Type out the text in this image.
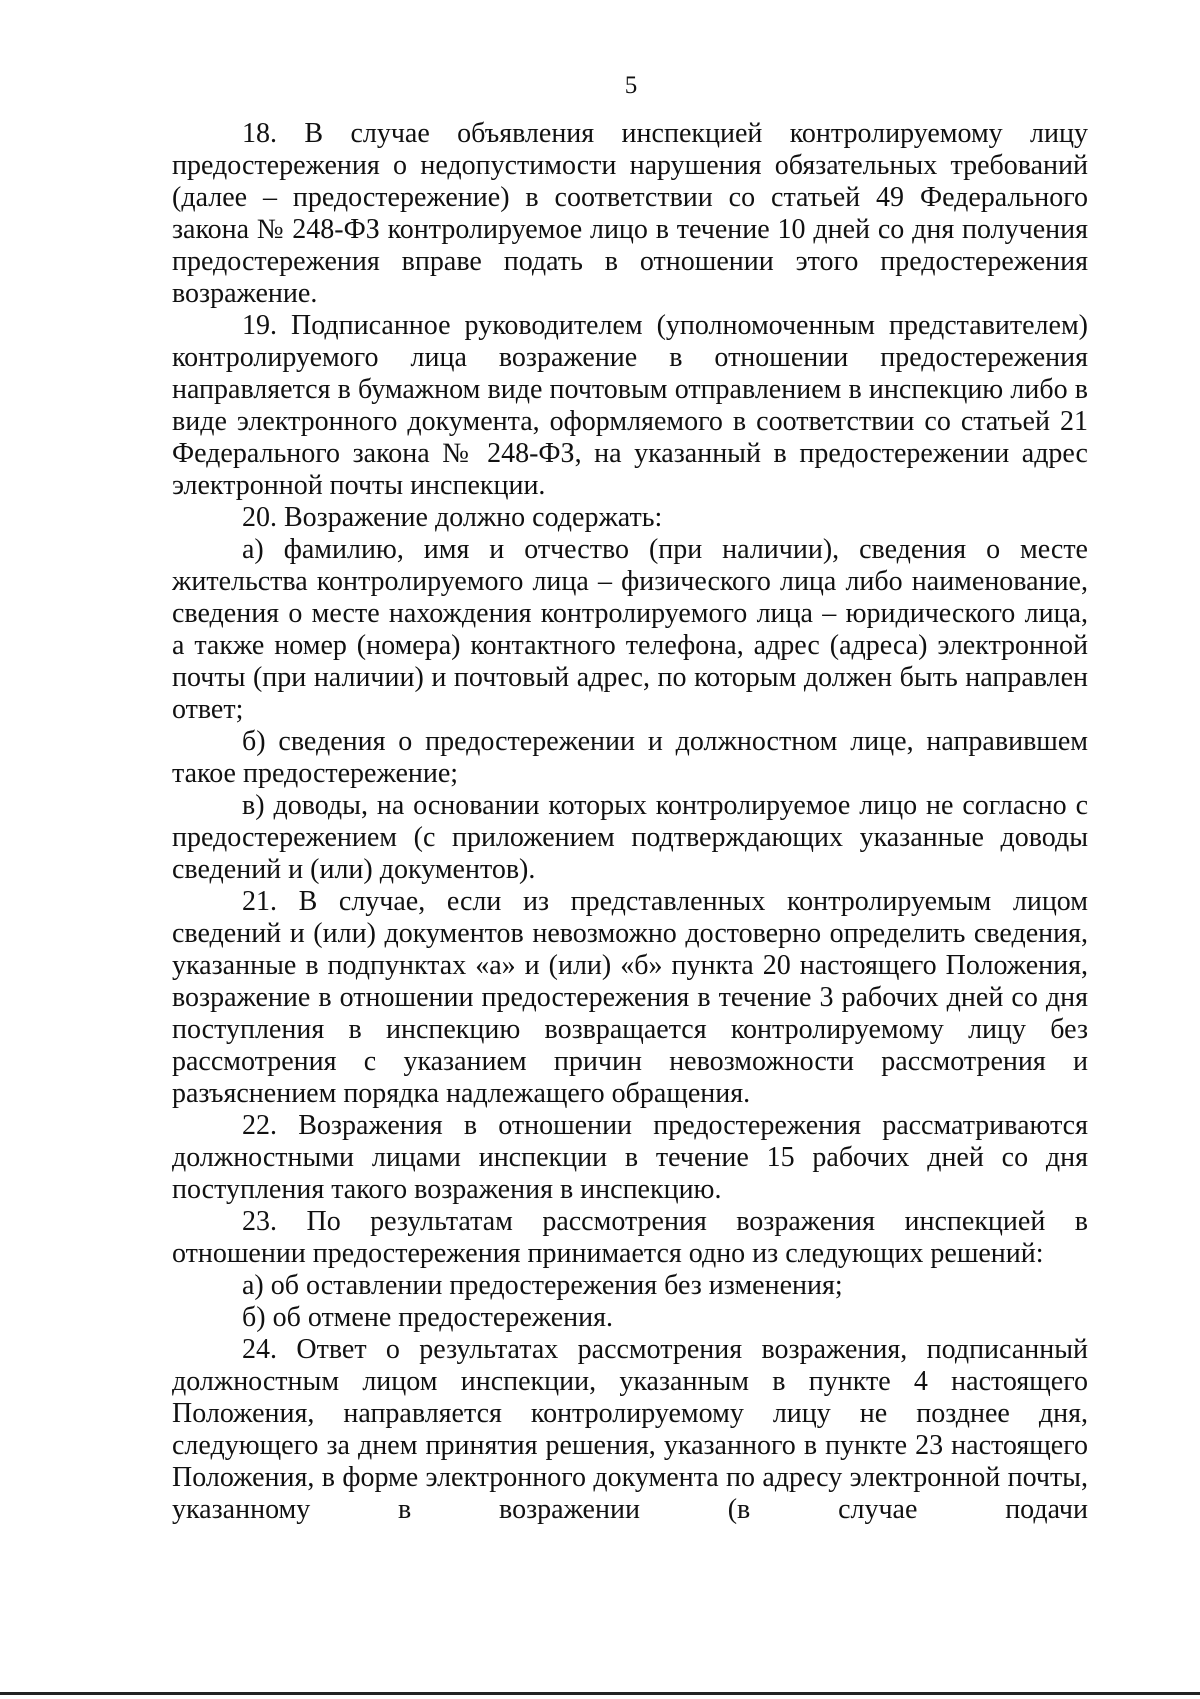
5

18. В случае объявления инспекцией контролируемому лицу предостережения о недопустимости нарушения обязательных требований (далее – предостережение) в соответствии со статьей 49 Федерального закона № 248-ФЗ контролируемое лицо в течение 10 дней со дня получения предостережения вправе подать в отношении этого предостережения возражение.

19. Подписанное руководителем (уполномоченным представителем) контролируемого лица возражение в отношении предостережения направляется в бумажном виде почтовым отправлением в инспекцию либо в виде электронного документа, оформляемого в соответствии со статьей 21 Федерального закона № 248-ФЗ, на указанный в предостережении адрес электронной почты инспекции.

20. Возражение должно содержать:

а) фамилию, имя и отчество (при наличии), сведения о месте жительства контролируемого лица – физического лица либо наименование, сведения о месте нахождения контролируемого лица – юридического лица, а также номер (номера) контактного телефона, адрес (адреса) электронной почты (при наличии) и почтовый адрес, по которым должен быть направлен ответ;

б) сведения о предостережении и должностном лице, направившем такое предостережение;

в) доводы, на основании которых контролируемое лицо не согласно с предостережением (с приложением подтверждающих указанные доводы сведений и (или) документов).

21. В случае, если из представленных контролируемым лицом сведений и (или) документов невозможно достоверно определить сведения, указанные в подпунктах «а» и (или) «б» пункта 20 настоящего Положения, возражение в отношении предостережения в течение 3 рабочих дней со дня поступления в инспекцию возвращается контролируемому лицу без рассмотрения с указанием причин невозможности рассмотрения и разъяснением порядка надлежащего обращения.

22. Возражения в отношении предостережения рассматриваются должностными лицами инспекции в течение 15 рабочих дней со дня поступления такого возражения в инспекцию.

23. По результатам рассмотрения возражения инспекцией в отношении предостережения принимается одно из следующих решений:

а) об оставлении предостережения без изменения;

б) об отмене предостережения.

24. Ответ о результатах рассмотрения возражения, подписанный должностным лицом инспекции, указанным в пункте 4 настоящего Положения, направляется контролируемому лицу не позднее дня, следующего за днем принятия решения, указанного в пункте 23 настоящего Положения, в форме электронного документа по адресу электронной почты, указанному в возражении (в случае подачи
